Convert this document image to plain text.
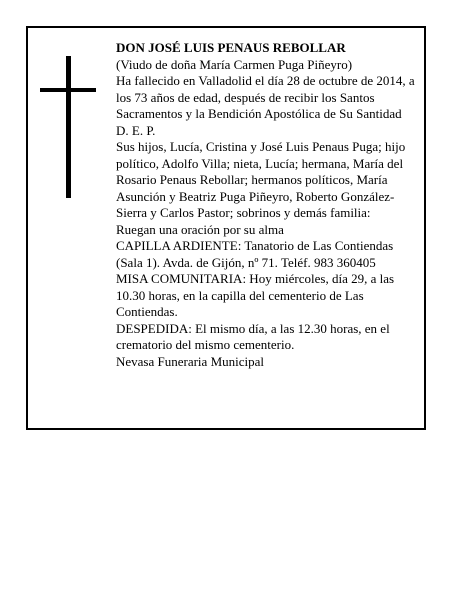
DON JOSÉ LUIS PENAUS REBOLLAR

(Viudo de doña María Carmen Puga Piñeyro)

Ha fallecido en Valladolid el día 28 de octubre de 2014, a los 73 años de edad, después de recibir los Santos Sacramentos y la Bendición Apostólica de Su Santidad

D. E. P.

Sus hijos, Lucía, Cristina y José Luis Penaus Puga; hijo político, Adolfo Villa; nieta, Lucía; hermana, María del Rosario Penaus Rebollar; hermanos políticos, María Asunción y Beatriz Puga Piñeyro, Roberto González-Sierra y Carlos Pastor; sobrinos y demás familia:

Ruegan una oración por su alma

CAPILLA ARDIENTE: Tanatorio de Las Contiendas (Sala 1). Avda. de Gijón, nº 71. Teléf. 983 360405

MISA COMUNITARIA: Hoy miércoles, día 29, a las 10.30 horas, en la capilla del cementerio de Las Contiendas.

DESPEDIDA: El mismo día, a las 12.30 horas, en el crematorio del mismo cementerio.

Nevasa Funeraria Municipal
